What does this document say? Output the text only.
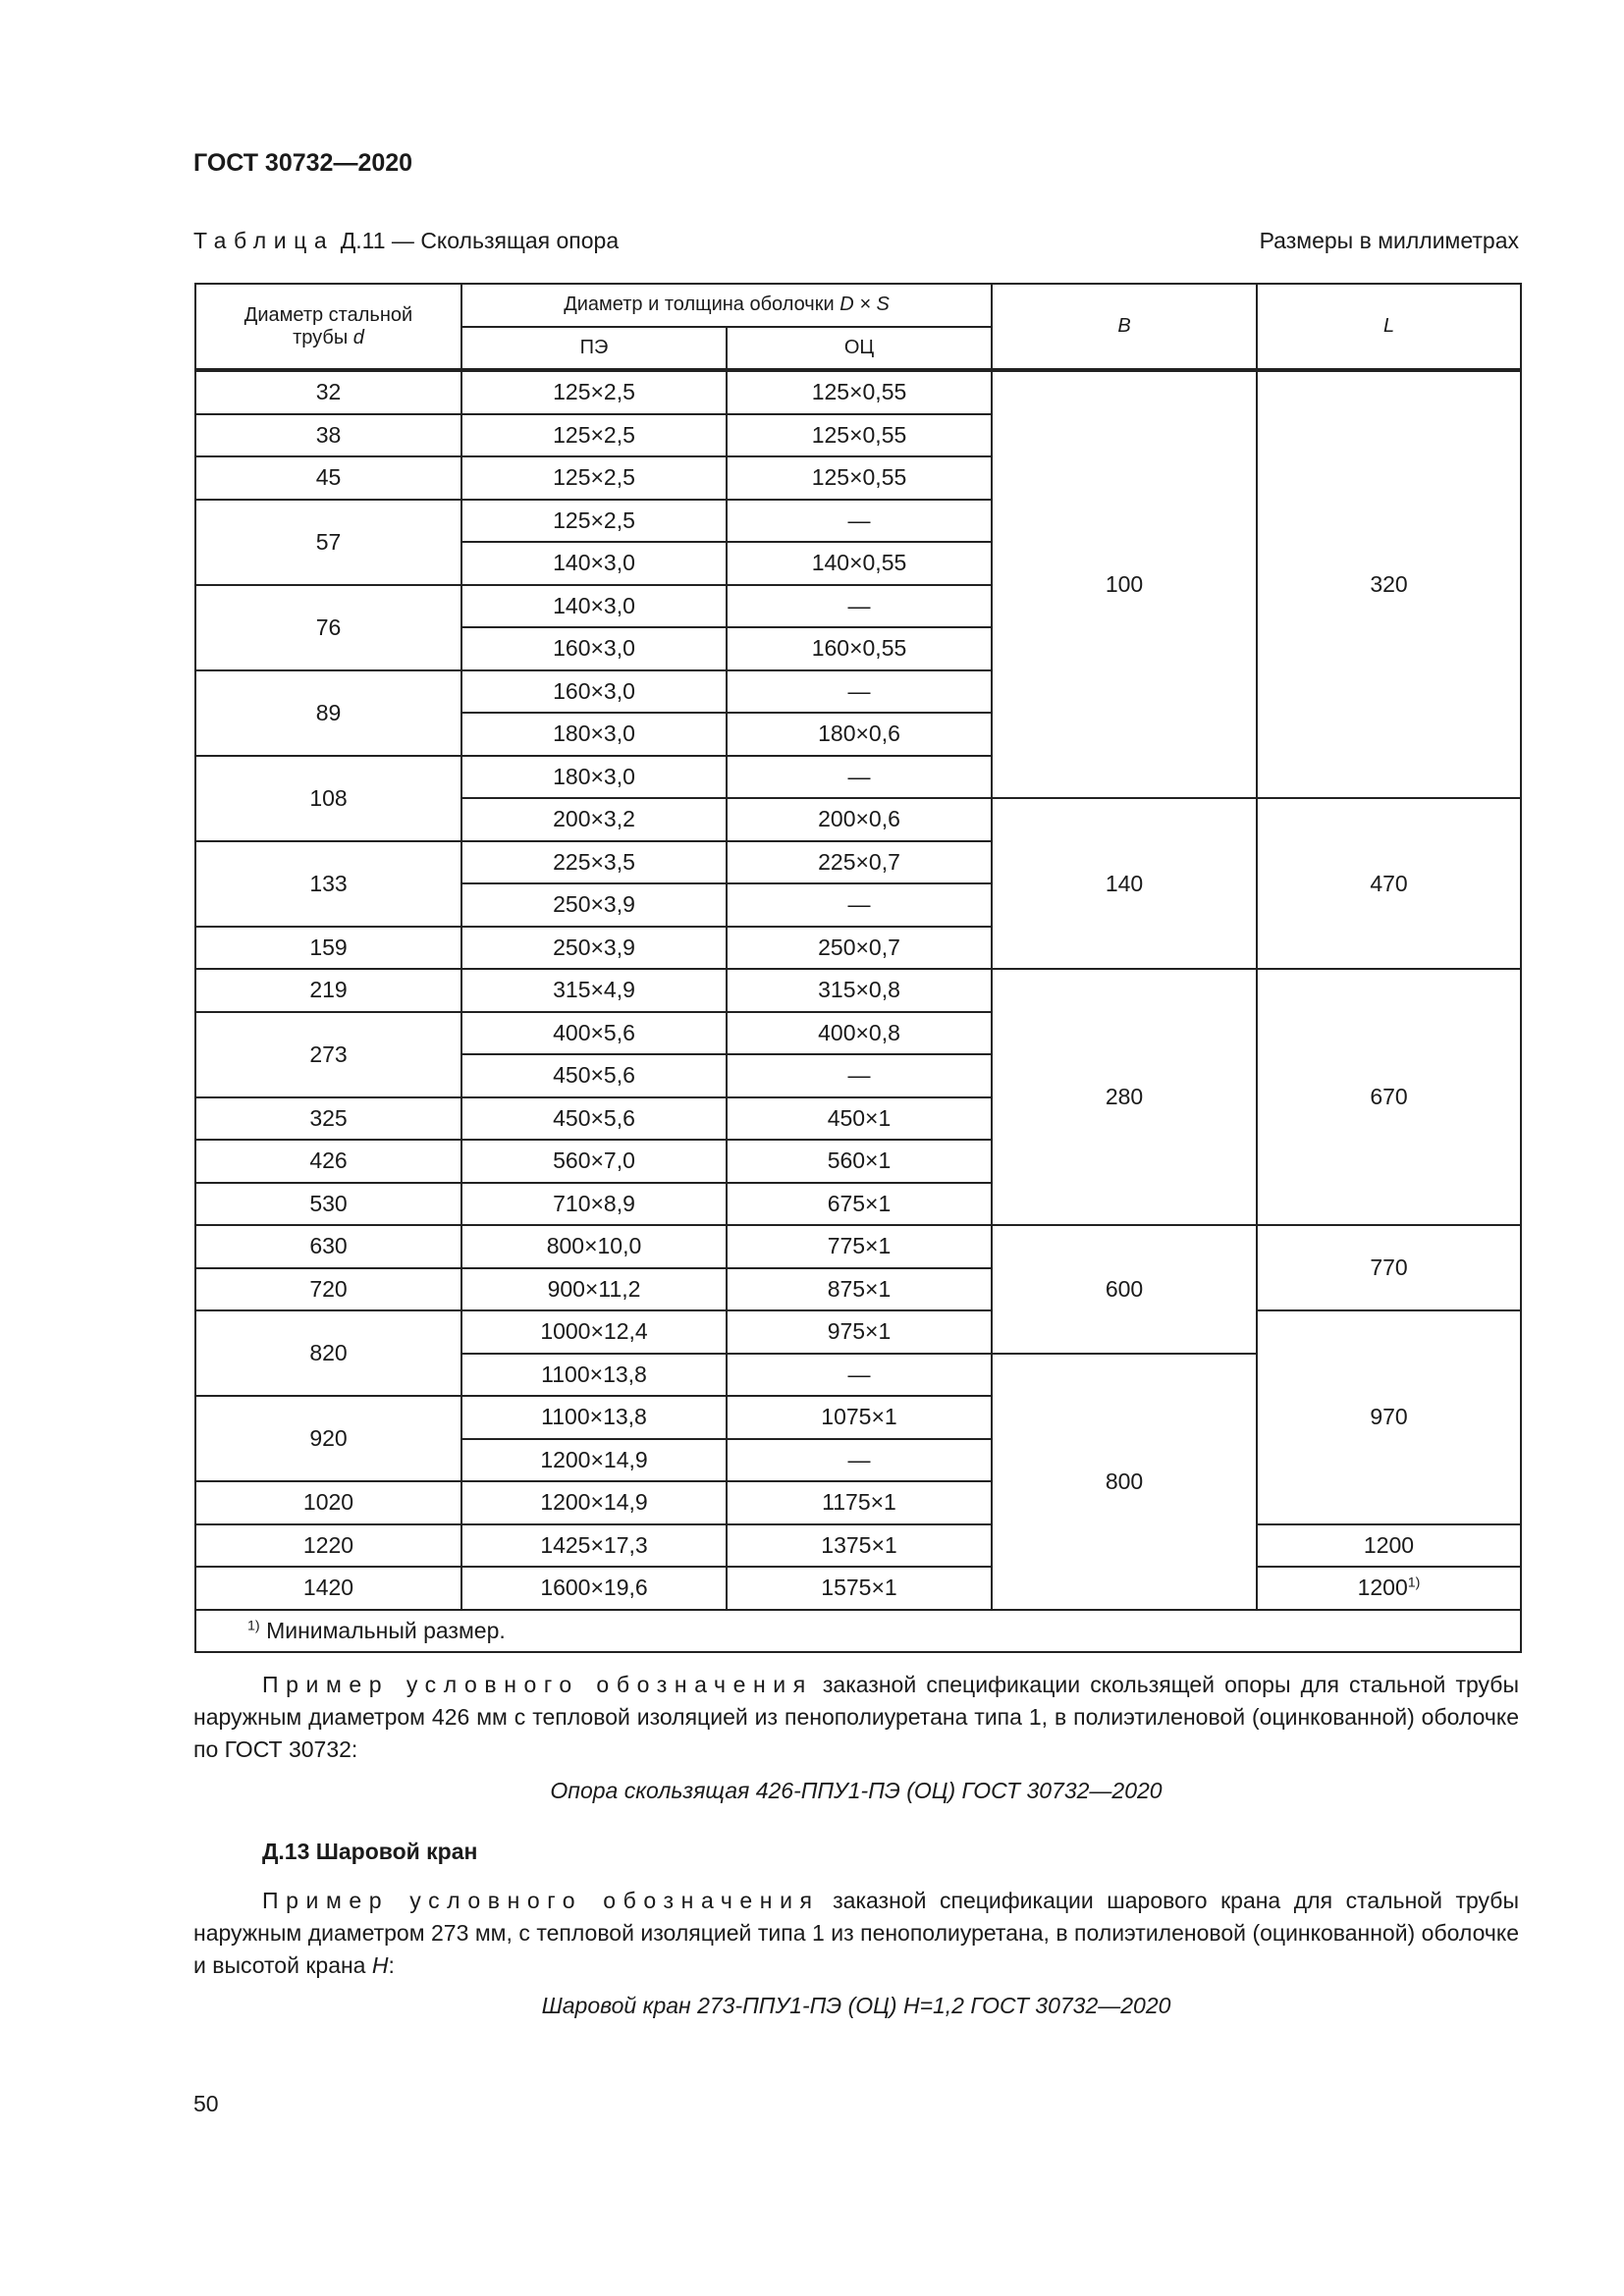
ГОСТ 30732—2020
Таблица Д.11 — Скользящая опора	Размеры в миллиметрах
Диаметр стальной
трубы d	Диаметр и толщина оболочки D × S		B	L
	ПЭ	ОЦ		
32	125×2,5	125×0,55	100	320
38	125×2,5	125×0,55		
45	125×2,5	125×0,55		
57	125×2,5	—		
	140×3,0	140×0,55		
76	140×3,0	—		
	160×3,0	160×0,55		
89	160×3,0	—		
	180×3,0	180×0,6		
108	180×3,0	—		
	200×3,2	200×0,6	140	470
133	225×3,5	225×0,7		
	250×3,9	—		
159	250×3,9	250×0,7		
219	315×4,9	315×0,8	280	670
273	400×5,6	400×0,8		
	450×5,6	—		
325	450×5,6	450×1		
426	560×7,0	560×1		
530	710×8,9	675×1		
630	800×10,0	775×1	600	770
720	900×11,2	875×1		
820	1000×12,4	975×1		970
	1100×13,8	—	800	
920	1100×13,8	1075×1		
	1200×14,9	—		
1020	1200×14,9	1175×1		
1220	1425×17,3	1375×1		1200
1420	1600×19,6	1575×1		1200$^{1)}$
$^{1)}$ Минимальный размер.				

Пример условного обозначения заказной спецификации скользящей опоры для стальной трубы наружным диаметром 426 мм с тепловой изоляцией из пенополиуретана типа 1, в полиэтиленовой (оцинкованной) оболочке по ГОСТ 30732:

Опора скользящая 426-ППУ1-ПЭ (ОЦ) ГОСТ 30732—2020
Д.13 Шаровой кран

Пример условного обозначения заказной спецификации шарового крана для стальной трубы наружным диаметром 273 мм, с тепловой изоляцией типа 1 из пенополиуретана, в полиэтиленовой (оцинкованной) оболочке и высотой крана H:

Шаровой кран 273-ППУ1-ПЭ (ОЦ) H=1,2 ГОСТ 30732—2020
50
